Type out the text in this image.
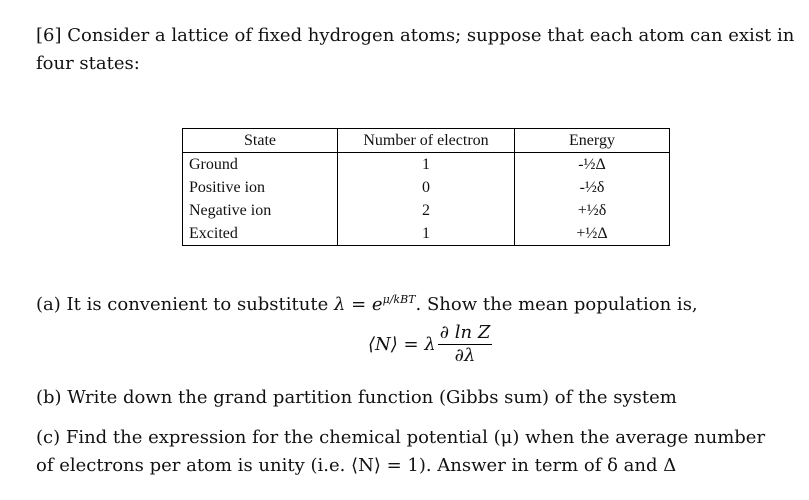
[6] Consider a lattice of fixed hydrogen atoms; suppose that each atom can exist in four states:
State	Number of electron	Energy
Ground	1	-½Δ
Positive ion	0	-½δ
Negative ion	2	+½δ
Excited	1	+½Δ
(a) It is convenient to substitute $\lambda = e^{\mu/kBT}$. Show the mean population is,
⟨N⟩ = λ $\frac{\text{∂ ln Z}}{\partial\lambda}$
(b) Write down the grand partition function (Gibbs sum) of the system
(c) Find the expression for the chemical potential (μ) when the average number of electrons per atom is unity (i.e. ⟨N⟩ = 1). Answer in term of δ and Δ
